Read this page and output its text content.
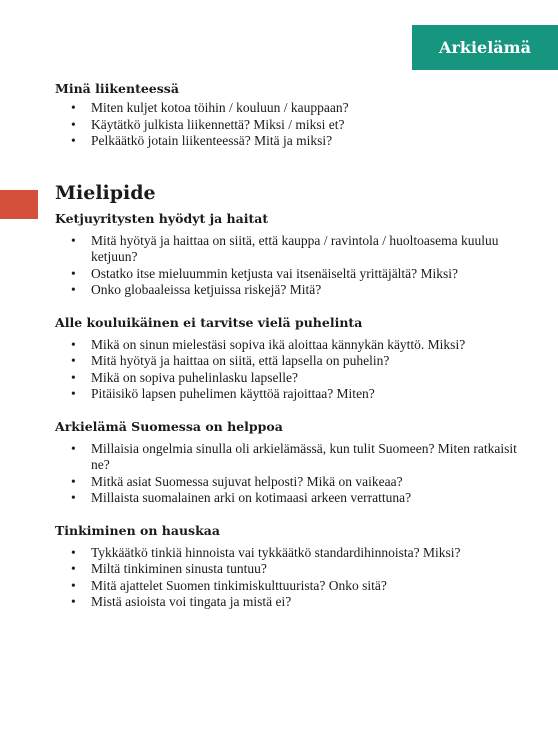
Arkielämä

Minä liikenteessä

• Miten kuljet kotoa töihin / kouluun / kauppaan?
• Käytätkö julkista liikennettä? Miksi / miksi et?
• Pelkäätkö jotain liikenteessä? Mitä ja miksi?
Mielipide

Ketjuyritysten hyödyt ja haitat

• Mitä hyötyä ja haittaa on siitä, että kauppa / ravintola / huoltoasema kuuluu ketjuun?
• Ostatko itse mieluummin ketjusta vai itsenäiseltä yrittäjältä? Miksi?
• Onko globaaleissa ketjuissa riskejä? Mitä?

Alle kouluikäinen ei tarvitse vielä puhelinta

• Mikä on sinun mielestäsi sopiva ikä aloittaa kännykän käyttö. Miksi?
• Mitä hyötyä ja haittaa on siitä, että lapsella on puhelin?
• Mikä on sopiva puhelinlasku lapselle?
• Pitäisikö lapsen puhelimen käyttöä rajoittaa? Miten?

Arkielämä Suomessa on helppoa

• Millaisia ongelmia sinulla oli arkielämässä, kun tulit Suomeen? Miten ratkaisit ne?
• Mitkä asiat Suomessa sujuvat helposti? Mikä on vaikeaa?
• Millaista suomalainen arki on kotimaasi arkeen verrattuna?

Tinkiminen on hauskaa

• Tykkäätkö tinkiä hinnoista vai tykkäätkö standardihinnoista? Miksi?
• Miltä tinkiminen sinusta tuntuu?
• Mitä ajattelet Suomen tinkimiskulttuurista? Onko sitä?
• Mistä asioista voi tingata ja mistä ei?
